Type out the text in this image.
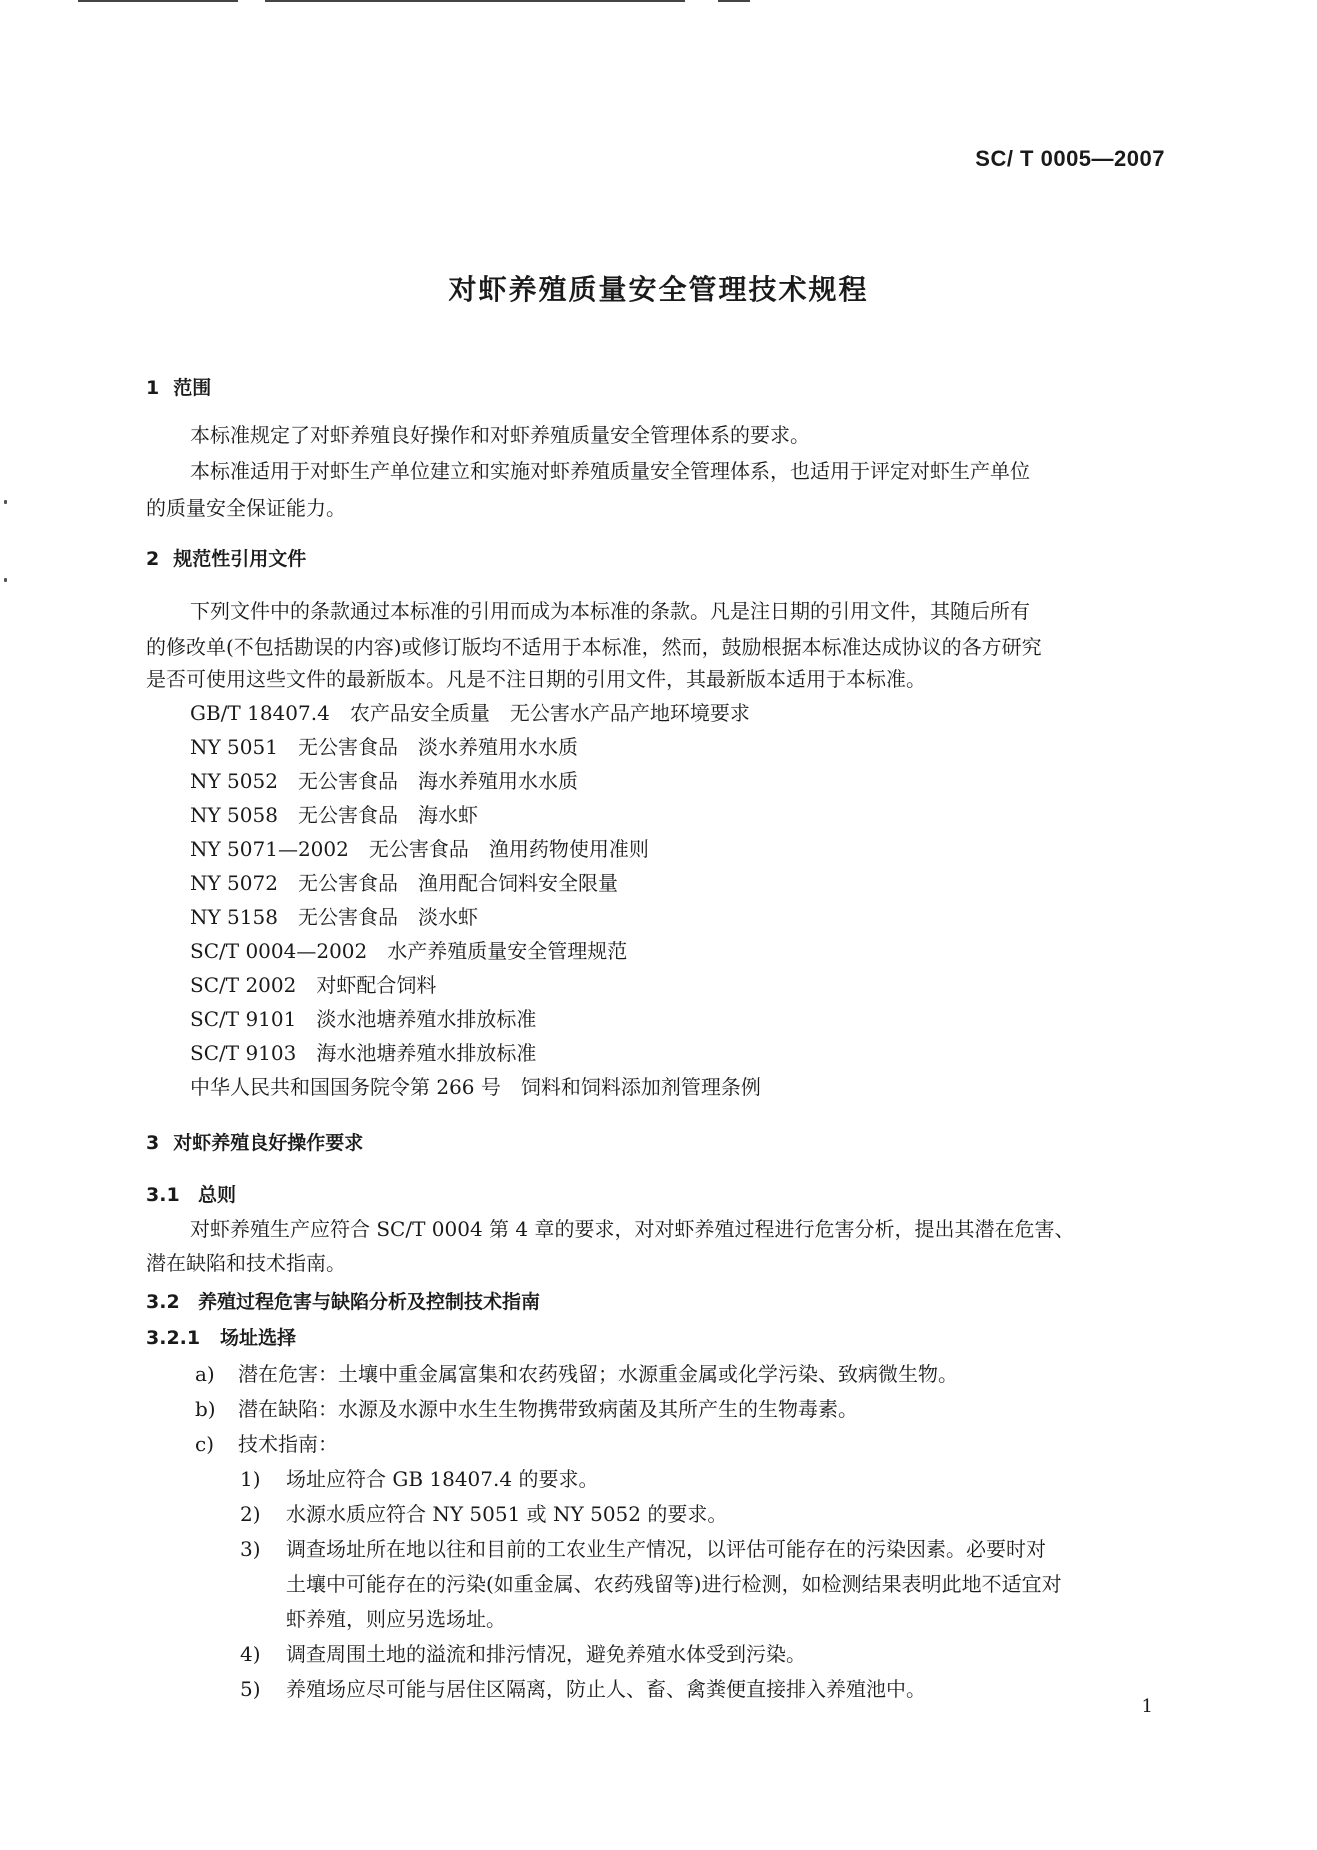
SC/ T 0005—2007
对虾养殖质量安全管理技术规程
1 范围
本标准规定了对虾养殖良好操作和对虾养殖质量安全管理体系的要求。
本标准适用于对虾生产单位建立和实施对虾养殖质量安全管理体系，也适用于评定对虾生产单位
的质量安全保证能力。
2 规范性引用文件
下列文件中的条款通过本标准的引用而成为本标准的条款。凡是注日期的引用文件，其随后所有
的修改单(不包括勘误的内容)或修订版均不适用于本标准，然而，鼓励根据本标准达成协议的各方研究
是否可使用这些文件的最新版本。凡是不注日期的引用文件，其最新版本适用于本标准。
GB/T 18407.4 农产品安全质量　无公害水产品产地环境要求
NY 5051 无公害食品　淡水养殖用水水质
NY 5052 无公害食品　海水养殖用水水质
NY 5058 无公害食品　海水虾
NY 5071—2002 无公害食品　渔用药物使用准则
NY 5072 无公害食品　渔用配合饲料安全限量
NY 5158 无公害食品　淡水虾
SC/T 0004—2002 水产养殖质量安全管理规范
SC/T 2002 对虾配合饲料
SC/T 9101 淡水池塘养殖水排放标准
SC/T 9103 海水池塘养殖水排放标准
中华人民共和国国务院令第 266 号 饲料和饲料添加剂管理条例
3 对虾养殖良好操作要求
3.1 总则
对虾养殖生产应符合 SC/T 0004 第 4 章的要求，对对虾养殖过程进行危害分析，提出其潜在危害、
潜在缺陷和技术指南。
3.2 养殖过程危害与缺陷分析及控制技术指南
3.2.1 场址选择
a) 潜在危害：土壤中重金属富集和农药残留；水源重金属或化学污染、致病微生物。
b) 潜在缺陷：水源及水源中水生生物携带致病菌及其所产生的生物毒素。
c) 技术指南：
1) 场址应符合 GB 18407.4 的要求。
2) 水源水质应符合 NY 5051 或 NY 5052 的要求。
3) 调查场址所在地以往和目前的工农业生产情况，以评估可能存在的污染因素。必要时对
土壤中可能存在的污染(如重金属、农药残留等)进行检测，如检测结果表明此地不适宜对
虾养殖，则应另选场址。
4) 调查周围土地的溢流和排污情况，避免养殖水体受到污染。
5) 养殖场应尽可能与居住区隔离，防止人、畜、禽粪便直接排入养殖池中。
1
